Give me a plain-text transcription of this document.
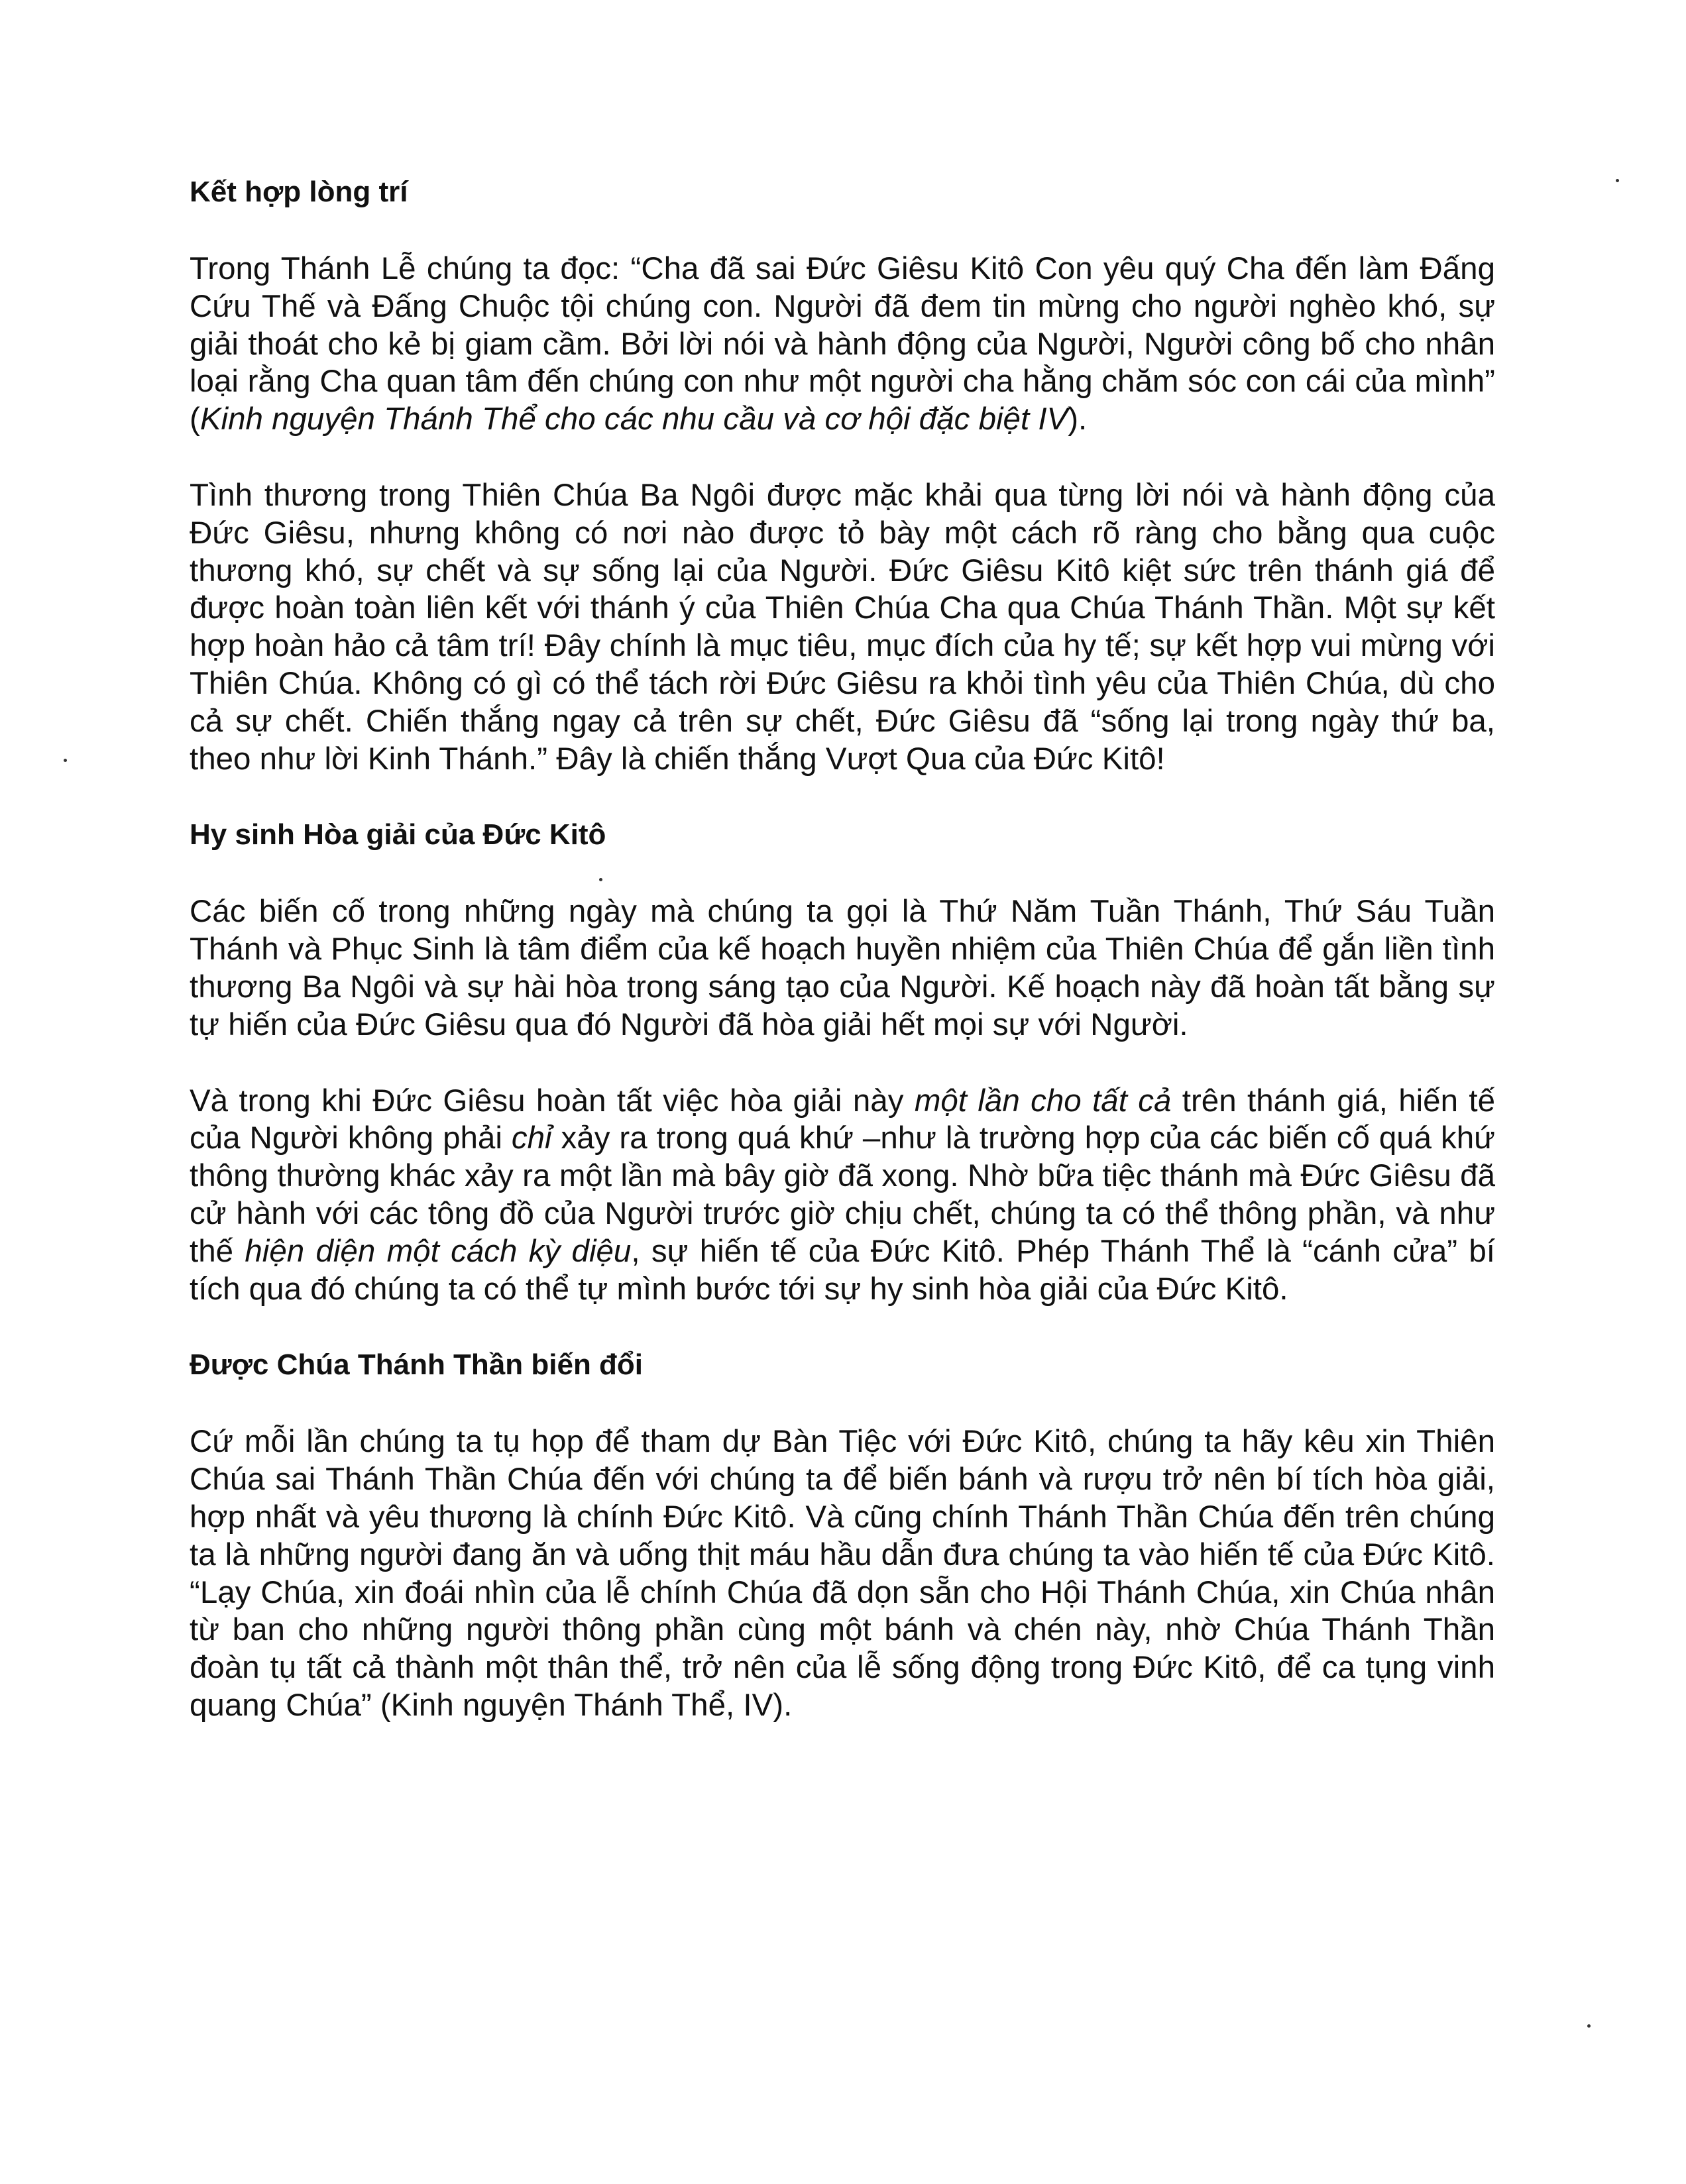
Kết hợp lòng trí

Trong Thánh Lễ chúng ta đọc: “Cha đã sai Đức Giêsu Kitô Con yêu quý Cha đến làm Đấng Cứu Thế và Đấng Chuộc tội chúng con. Người đã đem tin mừng cho người nghèo khó, sự giải thoát cho kẻ bị giam cầm. Bởi lời nói và hành động của Người, Người công bố cho nhân loại rằng Cha quan tâm đến chúng con như một người cha hằng chăm sóc con cái của mình” (Kinh nguyện Thánh Thể cho các nhu cầu và cơ hội đặc biệt IV).

Tình thương trong Thiên Chúa Ba Ngôi được mặc khải qua từng lời nói và hành động của Đức Giêsu, nhưng không có nơi nào được tỏ bày một cách rõ ràng cho bằng qua cuộc thương khó, sự chết và sự sống lại của Người. Đức Giêsu Kitô kiệt sức trên thánh giá để được hoàn toàn liên kết với thánh ý của Thiên Chúa Cha qua Chúa Thánh Thần. Một sự kết hợp hoàn hảo cả tâm trí! Đây chính là mục tiêu, mục đích của hy tế; sự kết hợp vui mừng với Thiên Chúa. Không có gì có thể tách rời Đức Giêsu ra khỏi tình yêu của Thiên Chúa, dù cho cả sự chết. Chiến thắng ngay cả trên sự chết, Đức Giêsu đã “sống lại trong ngày thứ ba, theo như lời Kinh Thánh.” Đây là chiến thắng Vượt Qua của Đức Kitô!

Hy sinh Hòa giải của Đức Kitô

Các biến cố trong những ngày mà chúng ta gọi là Thứ Năm Tuần Thánh, Thứ Sáu Tuần Thánh và Phục Sinh là tâm điểm của kế hoạch huyền nhiệm của Thiên Chúa để gắn liền tình thương Ba Ngôi và sự hài hòa trong sáng tạo của Người. Kế hoạch này đã hoàn tất bằng sự tự hiến của Đức Giêsu qua đó Người đã hòa giải hết mọi sự với Người.

Và trong khi Đức Giêsu hoàn tất việc hòa giải này một lần cho tất cả trên thánh giá, hiến tế của Người không phải chỉ xảy ra trong quá khứ –như là trường hợp của các biến cố quá khứ thông thường khác xảy ra một lần mà bây giờ đã xong. Nhờ bữa tiệc thánh mà Đức Giêsu đã cử hành với các tông đồ của Người trước giờ chịu chết, chúng ta có thể thông phần, và như thế hiện diện một cách kỳ diệu, sự hiến tế của Đức Kitô. Phép Thánh Thể là “cánh cửa” bí tích qua đó chúng ta có thể tự mình bước tới sự hy sinh hòa giải của Đức Kitô.

Được Chúa Thánh Thần biến đổi

Cứ mỗi lần chúng ta tụ họp để tham dự Bàn Tiệc với Đức Kitô, chúng ta hãy kêu xin Thiên Chúa sai Thánh Thần Chúa đến với chúng ta để biến bánh và rượu trở nên bí tích hòa giải, hợp nhất và yêu thương là chính Đức Kitô. Và cũng chính Thánh Thần Chúa đến trên chúng ta là những người đang ăn và uống thịt máu hầu dẫn đưa chúng ta vào hiến tế của Đức Kitô. “Lạy Chúa, xin đoái nhìn của lễ chính Chúa đã dọn sẵn cho Hội Thánh Chúa, xin Chúa nhân từ ban cho những người thông phần cùng một bánh và chén này, nhờ Chúa Thánh Thần đoàn tụ tất cả thành một thân thể, trở nên của lễ sống động trong Đức Kitô, để ca tụng vinh quang Chúa” (Kinh nguyện Thánh Thể, IV).
